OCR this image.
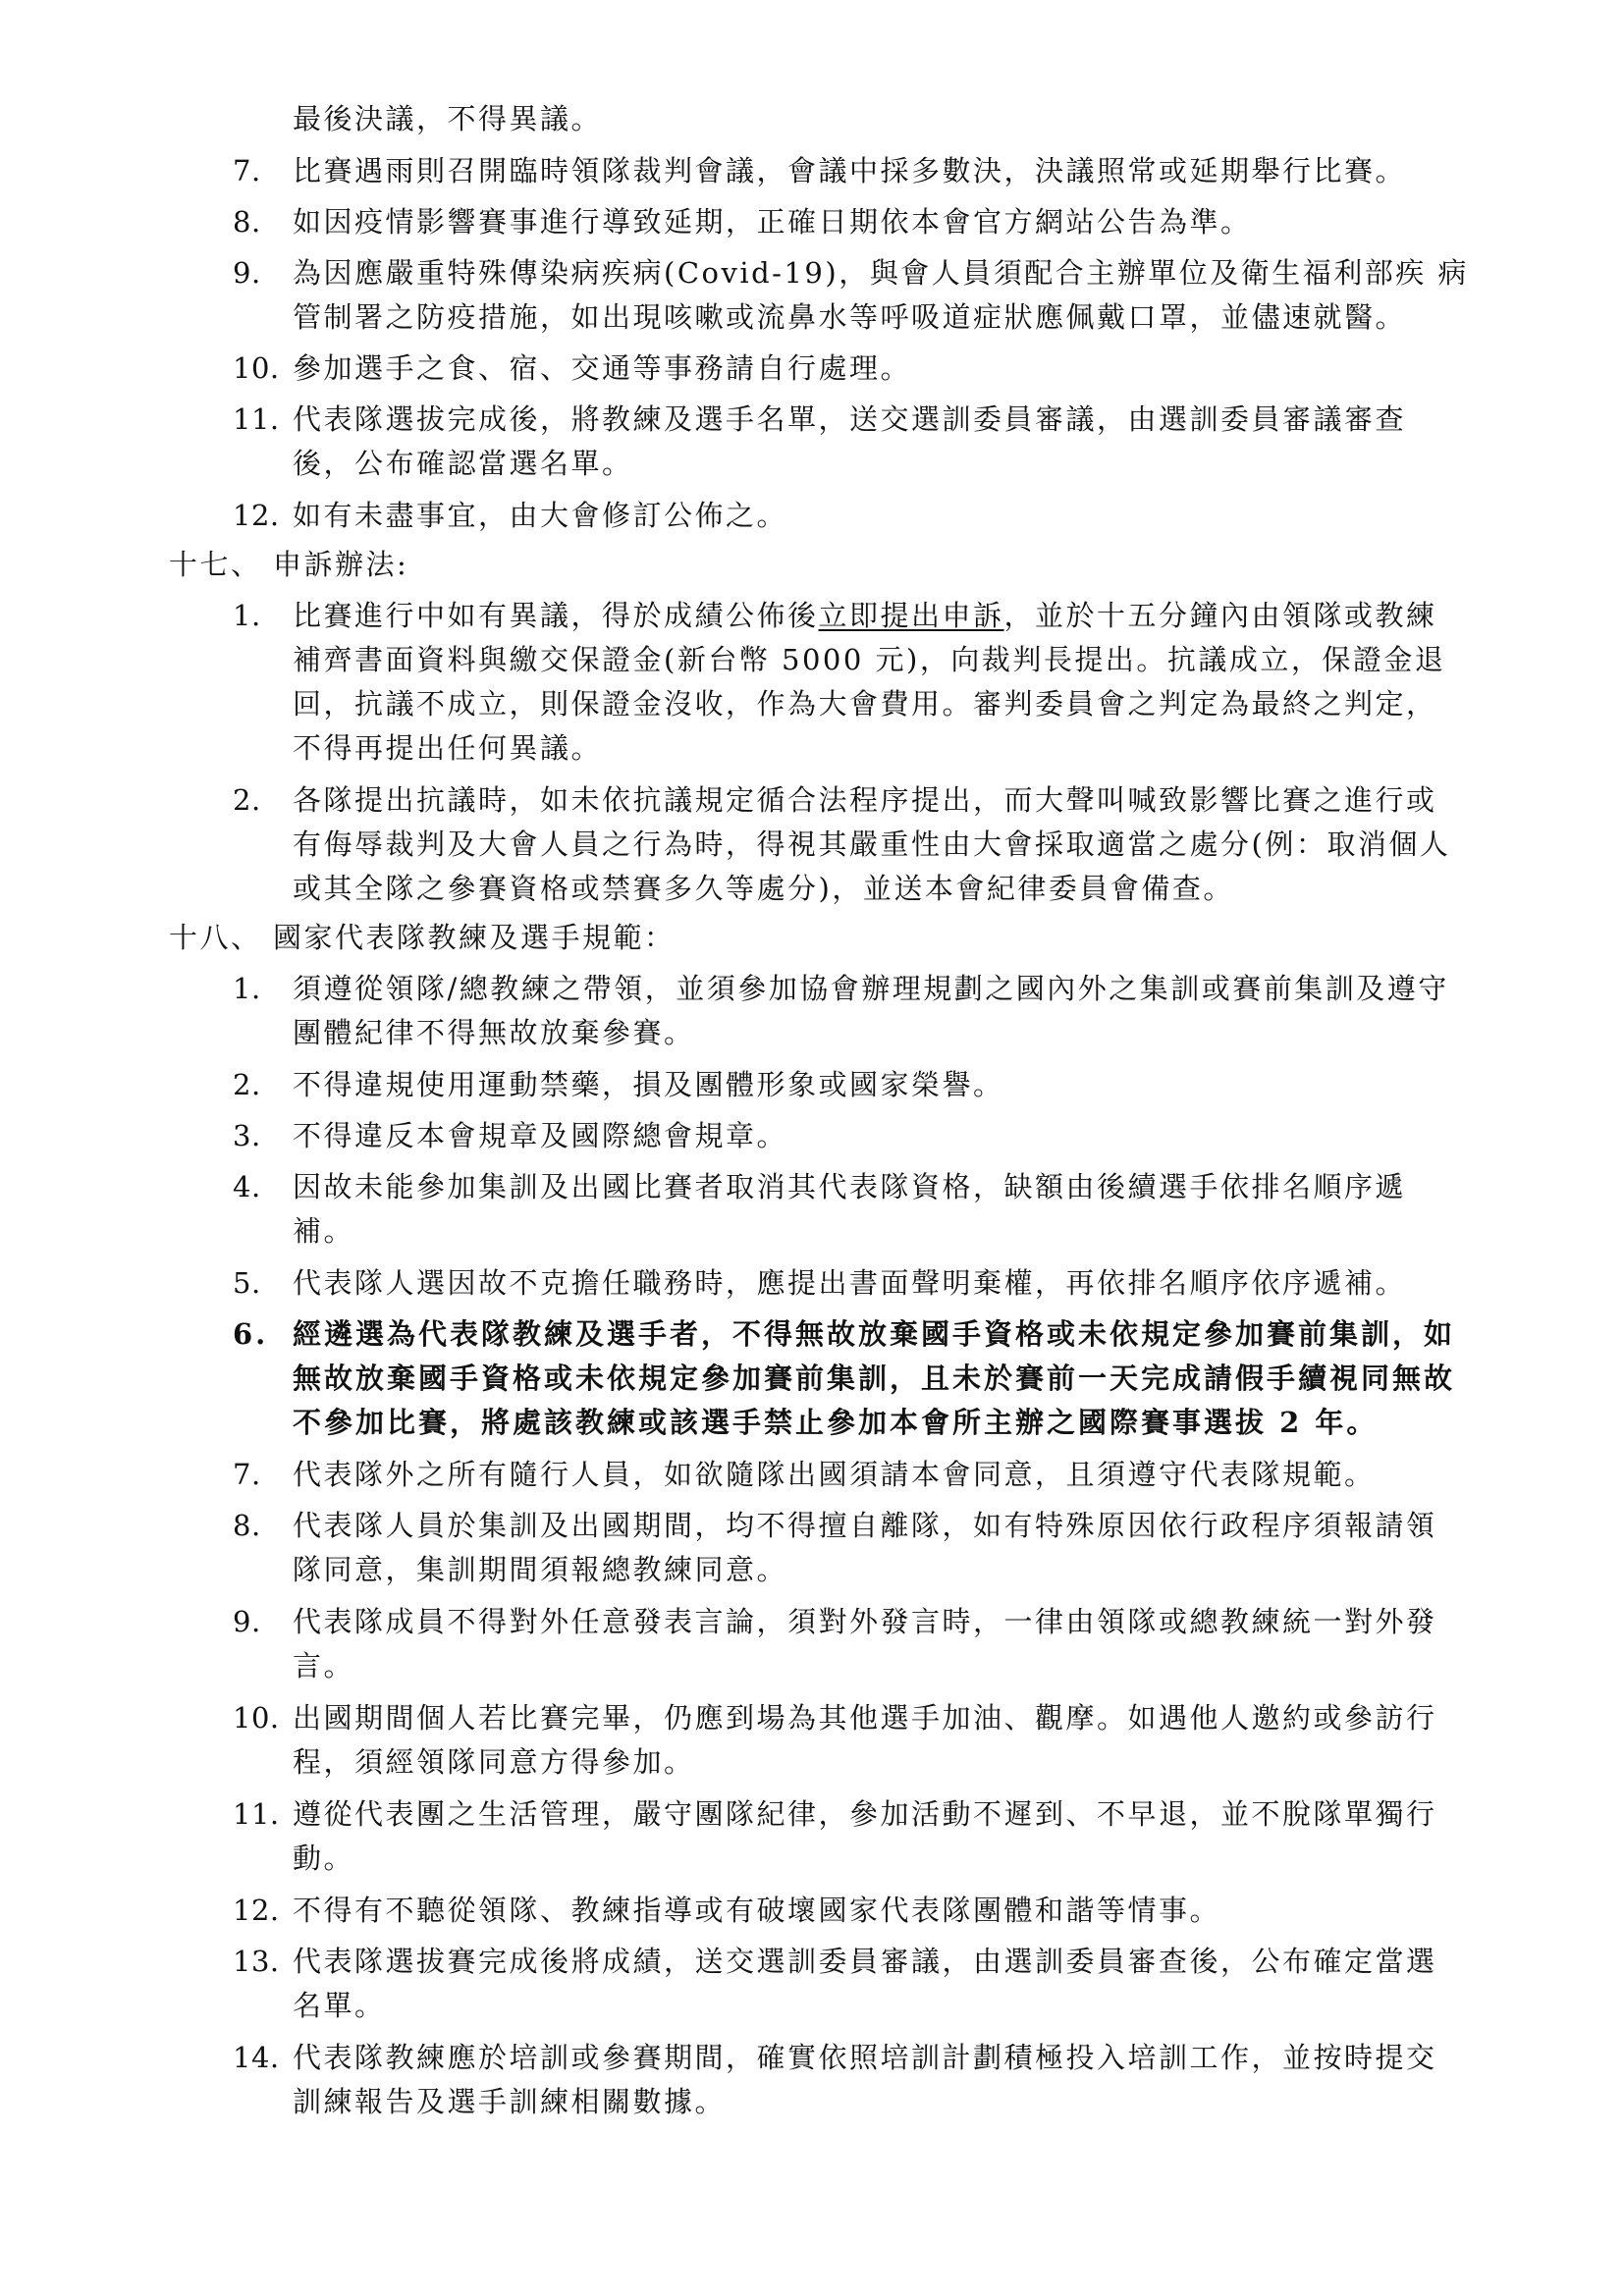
最後決議，不得異議。
7. 比賽遇雨則召開臨時領隊裁判會議，會議中採多數決，決議照常或延期舉行比賽。
8. 如因疫情影響賽事進行導致延期，正確日期依本會官方網站公告為準。
9. 為因應嚴重特殊傳染病疾病(Covid-19)，與會人員須配合主辦單位及衛生福利部疾 病
管制署之防疫措施，如出現咳嗽或流鼻水等呼吸道症狀應佩戴口罩，並儘速就醫。
10. 參加選手之食、宿、交通等事務請自行處理。
11. 代表隊選拔完成後，將教練及選手名單，送交選訓委員審議，由選訓委員審議審查
後，公布確認當選名單。
12. 如有未盡事宜，由大會修訂公佈之。
十七、 申訴辦法:
1. 比賽進行中如有異議，得於成績公佈後立即提出申訴，並於十五分鐘內由領隊或教練
補齊書面資料與繳交保證金(新台幣 5000 元)，向裁判長提出。抗議成立，保證金退
回，抗議不成立，則保證金沒收，作為大會費用。審判委員會之判定為最終之判定，
不得再提出任何異議。
2. 各隊提出抗議時，如未依抗議規定循合法程序提出，而大聲叫喊致影響比賽之進行或
有侮辱裁判及大會人員之行為時，得視其嚴重性由大會採取適當之處分(例：取消個人
或其全隊之參賽資格或禁賽多久等處分)，並送本會紀律委員會備查。
十八、 國家代表隊教練及選手規範：
1. 須遵從領隊/總教練之帶領，並須參加協會辦理規劃之國內外之集訓或賽前集訓及遵守
團體紀律不得無故放棄參賽。
2. 不得違規使用運動禁藥，損及團體形象或國家榮譽。
3. 不得違反本會規章及國際總會規章。
4. 因故未能參加集訓及出國比賽者取消其代表隊資格，缺額由後續選手依排名順序遞
補。
5. 代表隊人選因故不克擔任職務時，應提出書面聲明棄權，再依排名順序依序遞補。
6. 經遴選為代表隊教練及選手者，不得無故放棄國手資格或未依規定參加賽前集訓，如
無故放棄國手資格或未依規定參加賽前集訓，且未於賽前一天完成請假手續視同無故
不參加比賽，將處該教練或該選手禁止參加本會所主辦之國際賽事選拔 2 年。
7. 代表隊外之所有隨行人員，如欲隨隊出國須請本會同意，且須遵守代表隊規範。
8. 代表隊人員於集訓及出國期間，均不得擅自離隊，如有特殊原因依行政程序須報請領
隊同意，集訓期間須報總教練同意。
9. 代表隊成員不得對外任意發表言論，須對外發言時，一律由領隊或總教練統一對外發
言。
10. 出國期間個人若比賽完畢，仍應到場為其他選手加油、觀摩。如遇他人邀約或參訪行
程，須經領隊同意方得參加。
11. 遵從代表團之生活管理，嚴守團隊紀律，參加活動不遲到、不早退，並不脫隊單獨行
動。
12. 不得有不聽從領隊、教練指導或有破壞國家代表隊團體和諧等情事。
13. 代表隊選拔賽完成後將成績，送交選訓委員審議，由選訓委員審查後，公布確定當選
名單。
14. 代表隊教練應於培訓或參賽期間，確實依照培訓計劃積極投入培訓工作，並按時提交
訓練報告及選手訓練相關數據。
